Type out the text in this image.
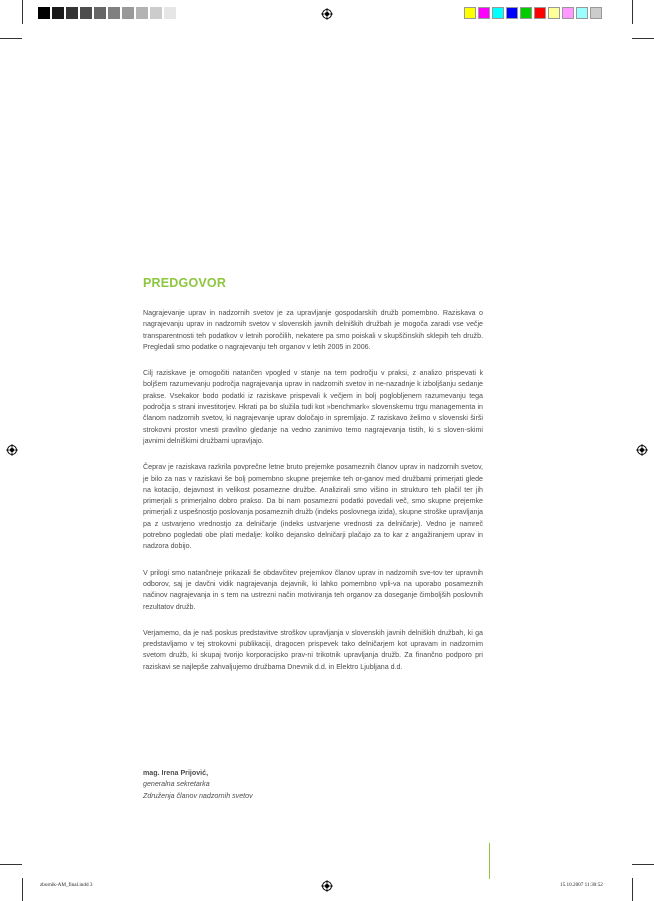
PREDGOVOR

Nagrajevanje uprav in nadzornih svetov je za upravljanje gospodarskih družb pomembno. Raziskava o nagrajevanju uprav in nadzornih svetov v slovenskih javnih delniških družbah je mogoča zaradi vse večje transparentnosti teh podatkov v letnih poročilih, nekatere pa smo poiskali v skupščinskih sklepih teh družb. Pregledali smo podatke o nagrajevanju teh organov v letih 2005 in 2006.

Cilj raziskave je omogočiti natančen vpogled v stanje na tem področju v praksi, z analizo prispevati k boljšem razumevanju področja nagrajevanja uprav in nadzornih svetov in ne-nazadnje k izboljšanju sedanje prakse. Vsekakor bodo podatki iz raziskave prispevali k večjem in bolj poglobljenem razumevanju tega področja s strani investitorjev. Hkrati pa bo služila tudi kot »benchmark« slovenskemu trgu managementa in članom nadzornih svetov, ki nagrajevanje uprav določajo in spremljajo. Z raziskavo želimo v slovenski širši strokovni prostor vnesti pravilno gledanje na vedno zanimivo temo nagrajevanja tistih, ki s sloven-skimi javnimi delniškimi družbami upravljajo.

Čeprav je raziskava razkrila povprečne letne bruto prejemke posameznih članov uprav in nadzornih svetov, je bilo za nas v raziskavi še bolj pomembno skupne prejemke teh or-ganov med družbami primerjati glede na kotacijo, dejavnost in velikost posamezne družbe. Analizirali smo višino in strukturo teh plačil ter jih primerjali s primerjalno dobro prakso. Da bi nam posamezni podatki povedali več, smo skupne prejemke primerjali z uspešnostjo poslovanja posameznih družb (indeks poslovnega izida), skupne stroške upravljanja pa z ustvarjeno vrednostjo za delničarje (indeks ustvarjene vrednosti za delničarje). Vedno je namreč potrebno pogledati obe plati medalje: koliko dejansko delničarji plačajo za to kar z angažiranjem uprav in nadzora dobijo.

V prilogi smo natančneje prikazali še obdavčitev prejemkov članov uprav in nadzornih sve-tov ter upravnih odborov, saj je davčni vidik nagrajevanja dejavnik, ki lahko pomembno vpli-va na uporabo posameznih načinov nagrajevanja in s tem na ustrezni način motiviranja teh organov za doseganje čimboljših poslovnih rezultatov družb.

Verjamemo, da je naš poskus predstavitve stroškov upravljanja v slovenskih javnih delniških družbah, ki ga predstavljamo v tej strokovni publikaciji, dragocen prispevek tako delničarjem kot upravam in nadzornim svetom družb, ki skupaj tvorijo korporacijsko prav-ni trikotnik upravljanja družb. Za finančno podporo pri raziskavi se najlepše zahvaljujemo družbama Dnevnik d.d. in Elektro Ljubljana d.d.

mag. Irena Prijović,
generalna sekretarka
Združenja članov nadzornih svetov
zbornik-AM_final.indd 3	15.10.2007 11:30:52
